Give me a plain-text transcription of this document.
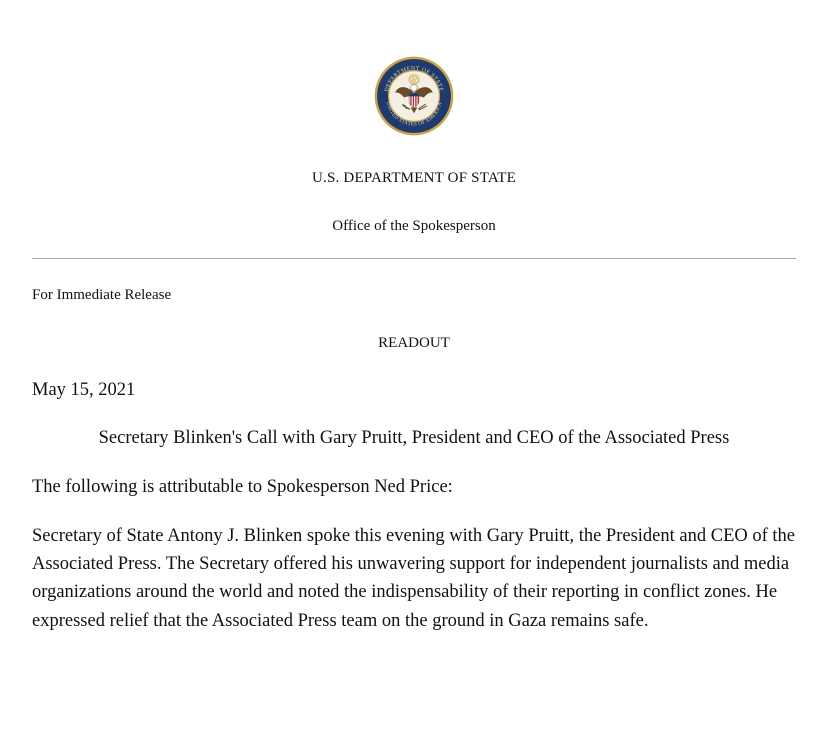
DEPARTMENT OF STATE
UNITED STATES OF AMERICA
U.S. DEPARTMENT OF STATE
Office of the Spokesperson
For Immediate Release
READOUT
May 15, 2021
Secretary Blinken's Call with Gary Pruitt, President and CEO of the Associated Press
The following is attributable to Spokesperson Ned Price:
Secretary of State Antony J. Blinken spoke this evening with Gary Pruitt, the President and CEO of the Associated Press. The Secretary offered his unwavering support for independent journalists and media organizations around the world and noted the indispensability of their reporting in conflict zones. He expressed relief that the Associated Press team on the ground in Gaza remains safe.
